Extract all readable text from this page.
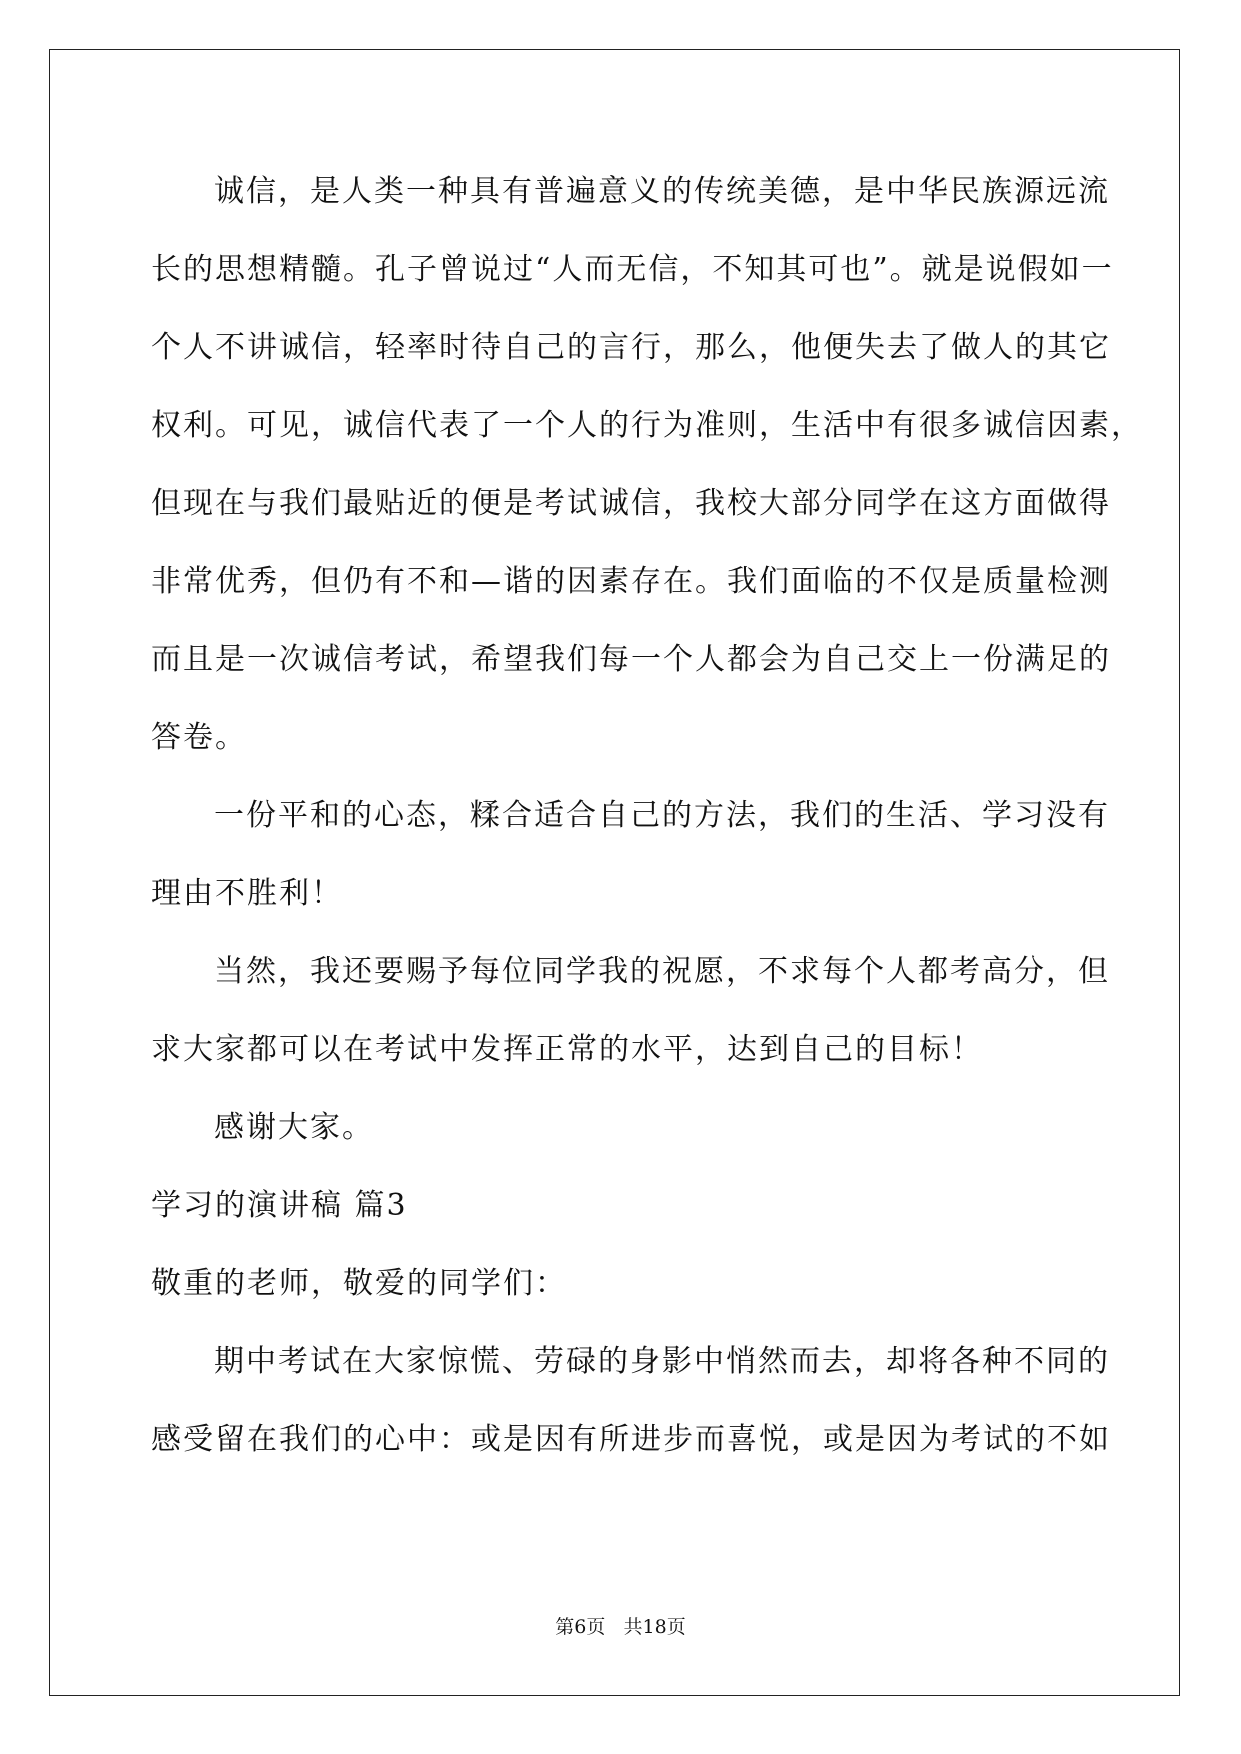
诚信，是人类一种具有普遍意义的传统美德，是中华民族源远流
长的思想精髓。孔子曾说过“人而无信，不知其可也”。就是说假如一
个人不讲诚信，轻率时待自己的言行，那么，他便失去了做人的其它
权利。可见，诚信代表了一个人的行为准则，生活中有很多诚信因素，
但现在与我们最贴近的便是考试诚信，我校大部分同学在这方面做得
非常优秀，但仍有不和—谐的因素存在。我们面临的不仅是质量检测
而且是一次诚信考试，希望我们每一个人都会为自己交上一份满足的
答卷。
一份平和的心态，糅合适合自己的方法，我们的生活、学习没有
理由不胜利！
当然，我还要赐予每位同学我的祝愿，不求每个人都考高分，但
求大家都可以在考试中发挥正常的水平，达到自己的目标！
感谢大家。
学习的演讲稿 篇3
敬重的老师，敬爱的同学们：
期中考试在大家惊慌、劳碌的身影中悄然而去，却将各种不同的
感受留在我们的心中：或是因有所进步而喜悦，或是因为考试的不如
第6页 共18页
